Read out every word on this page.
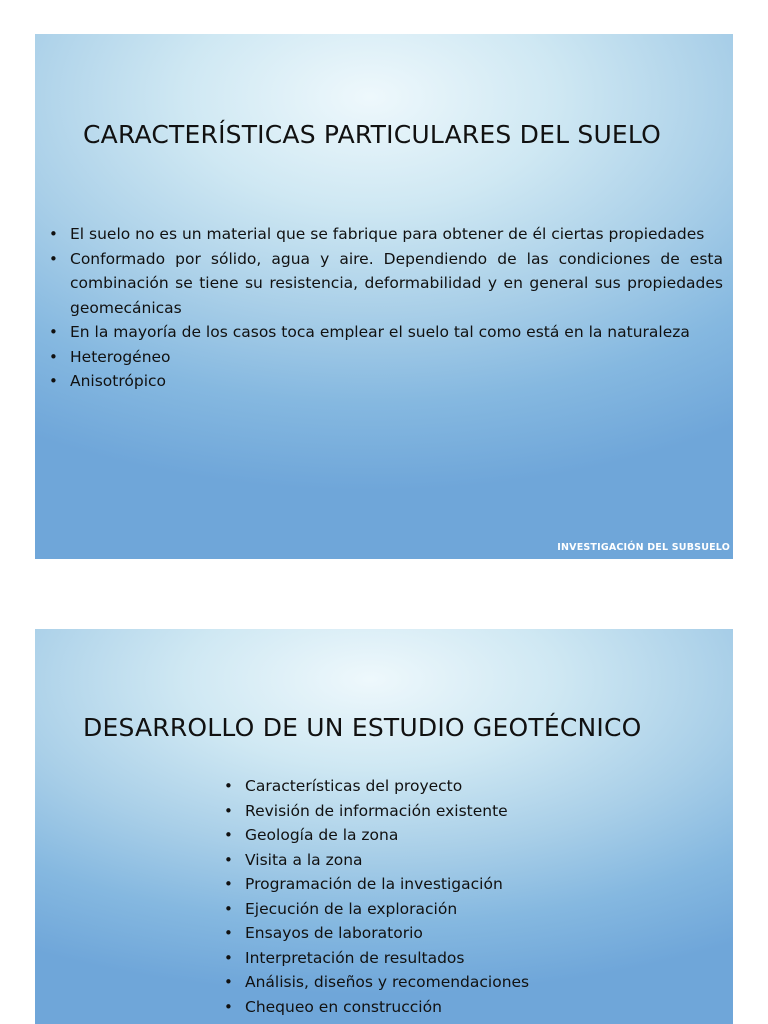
CARACTERÍSTICAS PARTICULARES DEL SUELO
• El suelo no es un material que se fabrique para obtener de él ciertas propiedades
• Conformado por sólido, agua y aire. Dependiendo de las condiciones de esta combinación se tiene su resistencia, deformabilidad y en general sus propiedades geomecánicas
• En la mayoría de los casos toca emplear el suelo tal como está en la naturaleza
• Heterogéneo
• Anisotrópico
INVESTIGACIÓN DEL SUBSUELO
DESARROLLO DE UN ESTUDIO GEOTÉCNICO
• Características del proyecto
• Revisión de información existente
• Geología de la zona
• Visita a la zona
• Programación de la investigación
• Ejecución de la exploración
• Ensayos de laboratorio
• Interpretación de resultados
• Análisis, diseños y recomendaciones
• Chequeo en construcción
